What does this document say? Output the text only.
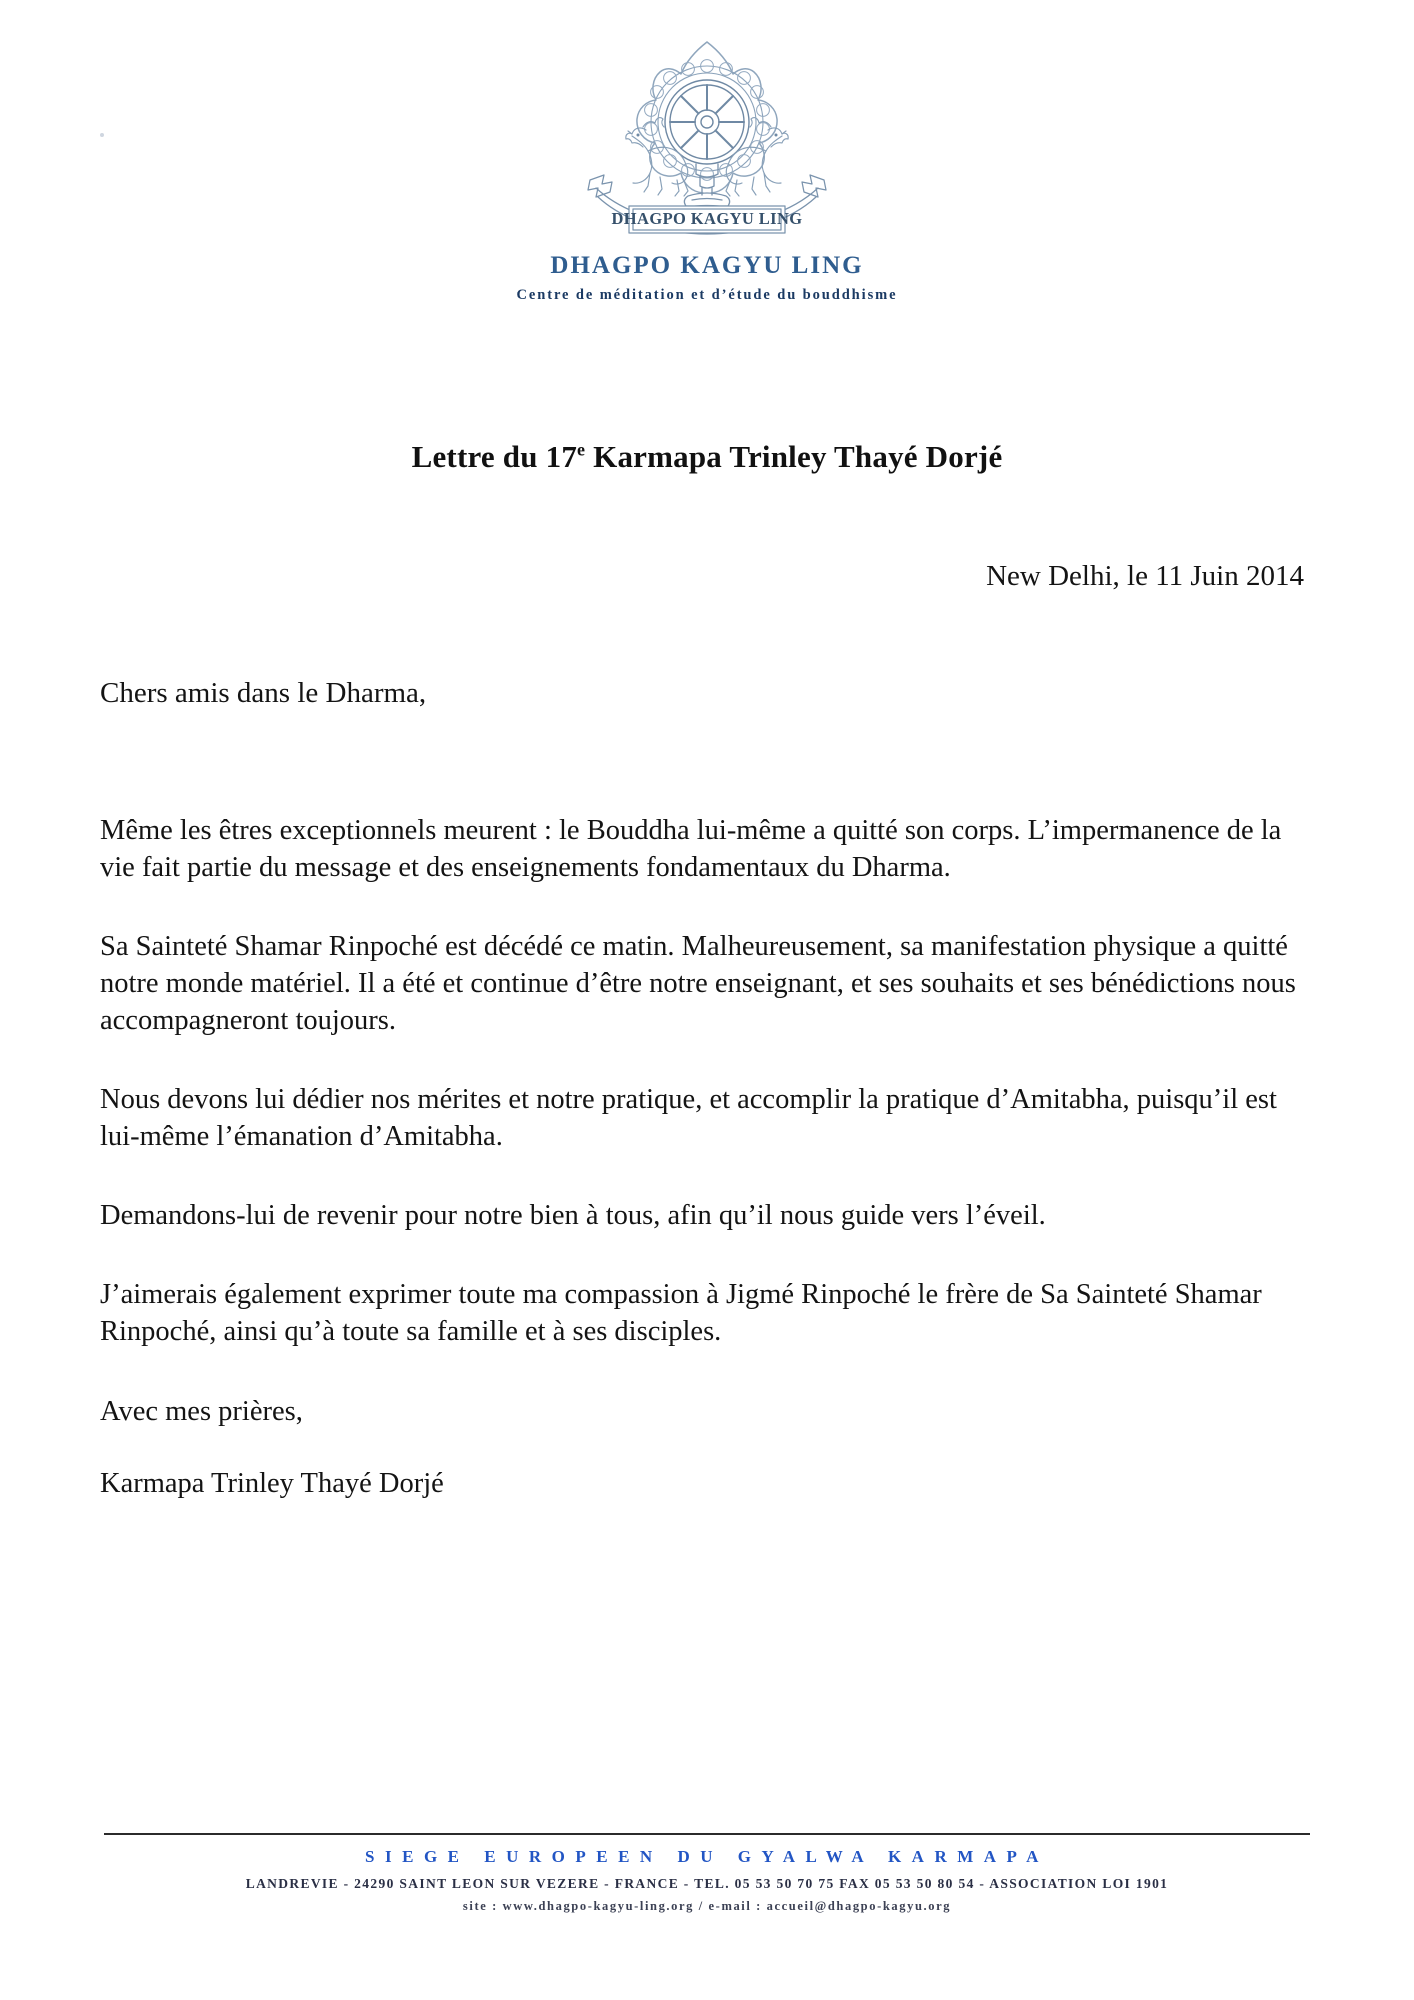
DHAGPO KAGYU LING
DHAGPO KAGYU LING
Centre de méditation et d’étude du bouddhisme
Lettre du 17e Karmapa Trinley Thayé Dorjé
New Delhi, le 11 Juin 2014
Chers amis dans le Dharma,

Même les êtres exceptionnels meurent : le Bouddha lui-même a quitté son corps. L’impermanence de la vie fait partie du message et des enseignements fondamentaux du Dharma.

Sa Sainteté Shamar Rinpoché est décédé ce matin. Malheureusement, sa manifestation physique a quitté notre monde matériel. Il a été et continue d’être notre enseignant, et ses souhaits et ses bénédictions nous accompagneront toujours.

Nous devons lui dédier nos mérites et notre pratique, et accomplir la pratique d’Amitabha, puisqu’il est lui-même l’émanation d’Amitabha.

Demandons-lui de revenir pour notre bien à tous, afin qu’il nous guide vers l’éveil.

J’aimerais également exprimer toute ma compassion à Jigmé Rinpoché le frère de Sa Sainteté Shamar Rinpoché, ainsi qu’à toute sa famille et à ses disciples.

Avec mes prières,
Karmapa Trinley Thayé Dorjé
SIEGE EUROPEEN DU GYALWA KARMAPA
LANDREVIE - 24290 SAINT LEON SUR VEZERE - FRANCE - TEL. 05 53 50 70 75 FAX 05 53 50 80 54 - ASSOCIATION LOI 1901
site : www.dhagpo-kagyu-ling.org / e-mail : accueil@dhagpo-kagyu.org
